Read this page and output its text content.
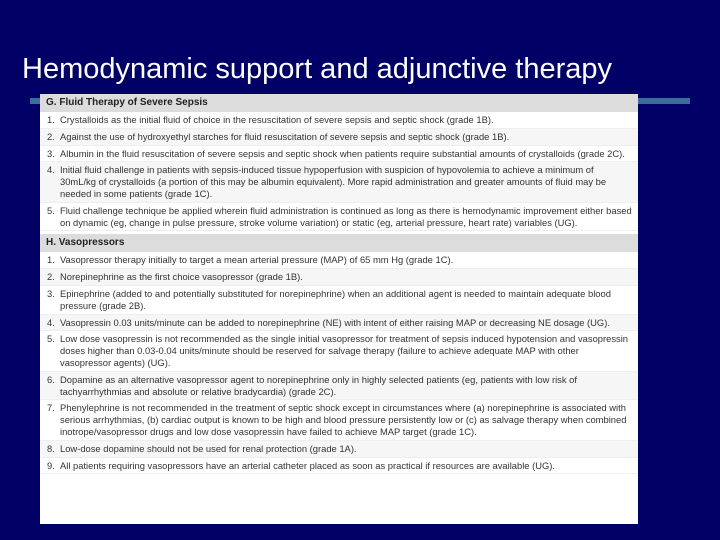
Hemodynamic support and adjunctive therapy
G. Fluid Therapy of Severe Sepsis
1. Crystalloids as the initial fluid of choice in the resuscitation of severe sepsis and septic shock (grade 1B).
2. Against the use of hydroxyethyl starches for fluid resuscitation of severe sepsis and septic shock (grade 1B).
3. Albumin in the fluid resuscitation of severe sepsis and septic shock when patients require substantial amounts of crystalloids (grade 2C).
4. Initial fluid challenge in patients with sepsis-induced tissue hypoperfusion with suspicion of hypovolemia to achieve a minimum of 30mL/kg of crystalloids (a portion of this may be albumin equivalent). More rapid administration and greater amounts of fluid may be needed in some patients (grade 1C).
5. Fluid challenge technique be applied wherein fluid administration is continued as long as there is hemodynamic improvement either based on dynamic (eg, change in pulse pressure, stroke volume variation) or static (eg, arterial pressure, heart rate) variables (UG).
H. Vasopressors
1. Vasopressor therapy initially to target a mean arterial pressure (MAP) of 65 mm Hg (grade 1C).
2. Norepinephrine as the first choice vasopressor (grade 1B).
3. Epinephrine (added to and potentially substituted for norepinephrine) when an additional agent is needed to maintain adequate blood pressure (grade 2B).
4. Vasopressin 0.03 units/minute can be added to norepinephrine (NE) with intent of either raising MAP or decreasing NE dosage (UG).
5. Low dose vasopressin is not recommended as the single initial vasopressor for treatment of sepsis induced hypotension and vasopressin doses higher than 0.03-0.04 units/minute should be reserved for salvage therapy (failure to achieve adequate MAP with other vasopressor agents) (UG).
6. Dopamine as an alternative vasopressor agent to norepinephrine only in highly selected patients (eg, patients with low risk of tachyarrhythmias and absolute or relative bradycardia) (grade 2C).
7. Phenylephrine is not recommended in the treatment of septic shock except in circumstances where (a) norepinephrine is associated with serious arrhythmias, (b) cardiac output is known to be high and blood pressure persistently low or (c) as salvage therapy when combined inotrope/vasopressor drugs and low dose vasopressin have failed to achieve MAP target (grade 1C).
8. Low-dose dopamine should not be used for renal protection (grade 1A).
9. All patients requiring vasopressors have an arterial catheter placed as soon as practical if resources are available (UG).
